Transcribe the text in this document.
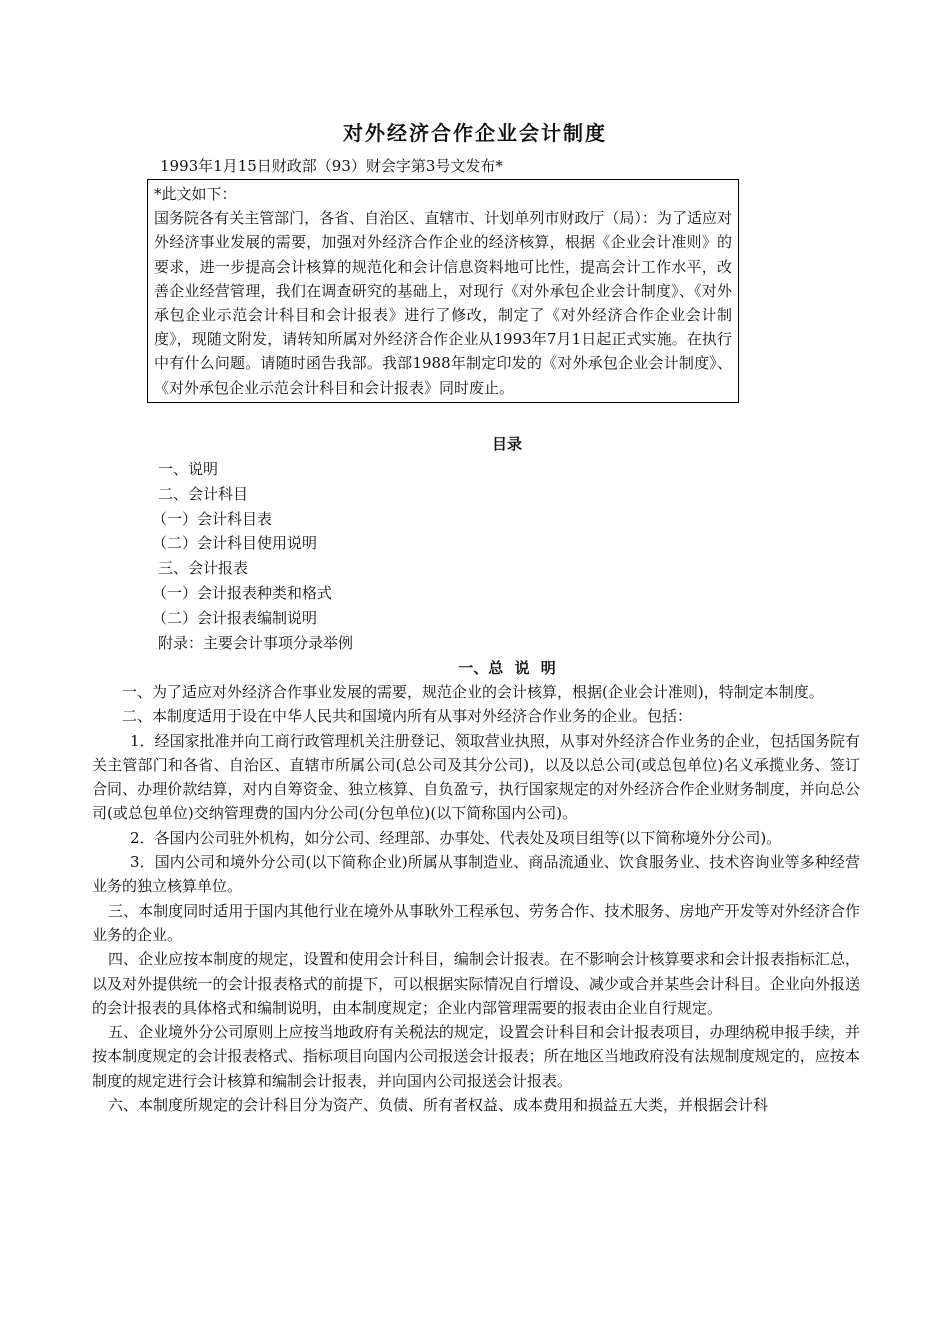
对外经济合作企业会计制度
1993年1月15日财政部（93）财会字第3号文发布*

*此文如下：

国务院各有关主管部门，各省、自治区、直辖市、计划单列市财政厅（局）：为了适应对外经济事业发展的需要，加强对外经济合作企业的经济核算，根据《企业会计准则》的要求，进一步提高会计核算的规范化和会计信息资料地可比性，提高会计工作水平，改善企业经营管理，我们在调查研究的基础上，对现行《对外承包企业会计制度》、《对外承包企业示范会计科目和会计报表》进行了修改，制定了《对外经济合作企业会计制度》，现随文附发，请转知所属对外经济合作企业从1993年7月1日起正式实施。在执行中有什么问题。请随时函告我部。我部1988年制定印发的《对外承包企业会计制度》、《对外承包企业示范会计科目和会计报表》同时废止。

目录
一、说明
二、会计科目
（一）会计科目表
（二）会计科目使用说明
三、会计报表
（一）会计报表种类和格式
（二）会计报表编制说明
附录：主要会计事项分录举例
一、总 说 明

一、为了适应对外经济合作事业发展的需要，规范企业的会计核算，根据(企业会计准则)，特制定本制度。

二、本制度适用于设在中华人民共和国境内所有从事对外经济合作业务的企业。包括：

1．经国家批准并向工商行政管理机关注册登记、领取营业执照，从事对外经济合作业务的企业，包括国务院有关主管部门和各省、自治区、直辖市所属公司(总公司及其分公司)，以及以总公司(或总包单位)名义承揽业务、签订合同、办理价款结算，对内自筹资金、独立核算、自负盈亏，执行国家规定的对外经济合作企业财务制度，并向总公司(或总包单位)交纳管理费的国内分公司(分包单位)(以下简称国内公司)。

2．各国内公司驻外机构，如分公司、经理部、办事处、代表处及项目组等(以下简称境外分公司)。

3．国内公司和境外分公司(以下简称企业)所属从事制造业、商品流通业、饮食服务业、技术咨询业等多种经营业务的独立核算单位。

三、本制度同时适用于国内其他行业在境外从事耿外工程承包、劳务合作、技术服务、房地产开发等对外经济合作业务的企业。

四、企业应按本制度的规定，设置和使用会计科目，编制会计报表。在不影响会计核算要求和会计报表指标汇总，以及对外提供统一的会计报表格式的前提下，可以根据实际情况自行增设、减少或合并某些会计科目。企业向外报送的会计报表的具体格式和编制说明，由本制度规定；企业内部管理需要的报表由企业自行规定。

五、企业境外分公司原则上应按当地政府有关税法的规定，设置会计科目和会计报表项目，办理纳税申报手续，并按本制度规定的会计报表格式、指标项目向国内公司报送会计报表；所在地区当地政府没有法规制度规定的，应按本制度的规定进行会计核算和编制会计报表，并向国内公司报送会计报表。

六、本制度所规定的会计科目分为资产、负债、所有者权益、成本费用和损益五大类，并根据会计科
